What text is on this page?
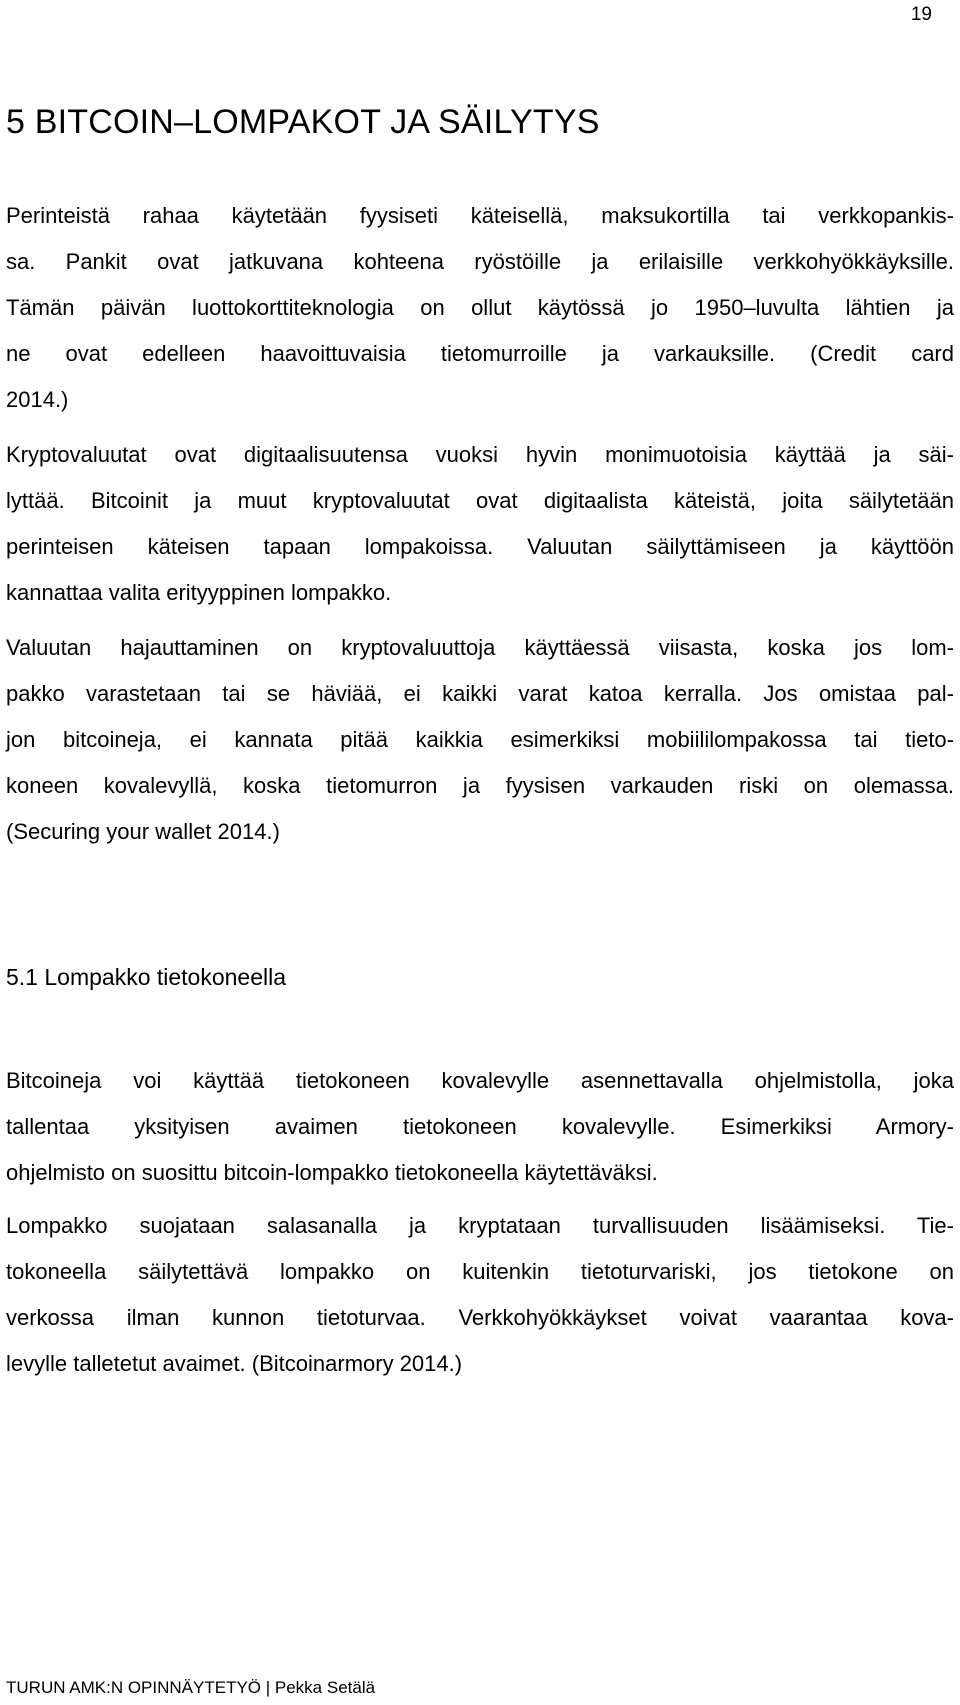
19
5 BITCOIN–LOMPAKOT JA SÄILYTYS

Perinteistä rahaa käytetään fyysiseti käteisellä, maksukortilla tai verkkopankis-
sa. Pankit ovat jatkuvana kohteena ryöstöille ja erilaisille verkkohyökkäyksille.
Tämän päivän luottokorttiteknologia on ollut käytössä jo 1950–luvulta lähtien ja
ne ovat edelleen haavoittuvaisia tietomurroille ja varkauksille. (Credit card
2014.)

Kryptovaluutat ovat digitaalisuutensa vuoksi hyvin monimuotoisia käyttää ja säi-
lyttää. Bitcoinit ja muut kryptovaluutat ovat digitaalista käteistä, joita säilytetään
perinteisen käteisen tapaan lompakoissa. Valuutan säilyttämiseen ja käyttöön
kannattaa valita erityyppinen lompakko.

Valuutan hajauttaminen on kryptovaluuttoja käyttäessä viisasta, koska jos lom-
pakko varastetaan tai se häviää, ei kaikki varat katoa kerralla. Jos omistaa pal-
jon bitcoineja, ei kannata pitää kaikkia esimerkiksi mobiililompakossa tai tieto-
koneen kovalevyllä, koska tietomurron ja fyysisen varkauden riski on olemassa.
(Securing your wallet 2014.)

5.1 Lompakko tietokoneella

Bitcoineja voi käyttää tietokoneen kovalevylle asennettavalla ohjelmistolla, joka
tallentaa yksityisen avaimen tietokoneen kovalevylle. Esimerkiksi Armory-
ohjelmisto on suosittu bitcoin-lompakko tietokoneella käytettäväksi.

Lompakko suojataan salasanalla ja kryptataan turvallisuuden lisäämiseksi. Tie-
tokoneella säilytettävä lompakko on kuitenkin tietoturvariski, jos tietokone on
verkossa ilman kunnon tietoturvaa. Verkkohyökkäykset voivat vaarantaa kova-
levylle talletetut avaimet. (Bitcoinarmory 2014.)

TURUN AMK:N OPINNÄYTETYÖ | Pekka Setälä
